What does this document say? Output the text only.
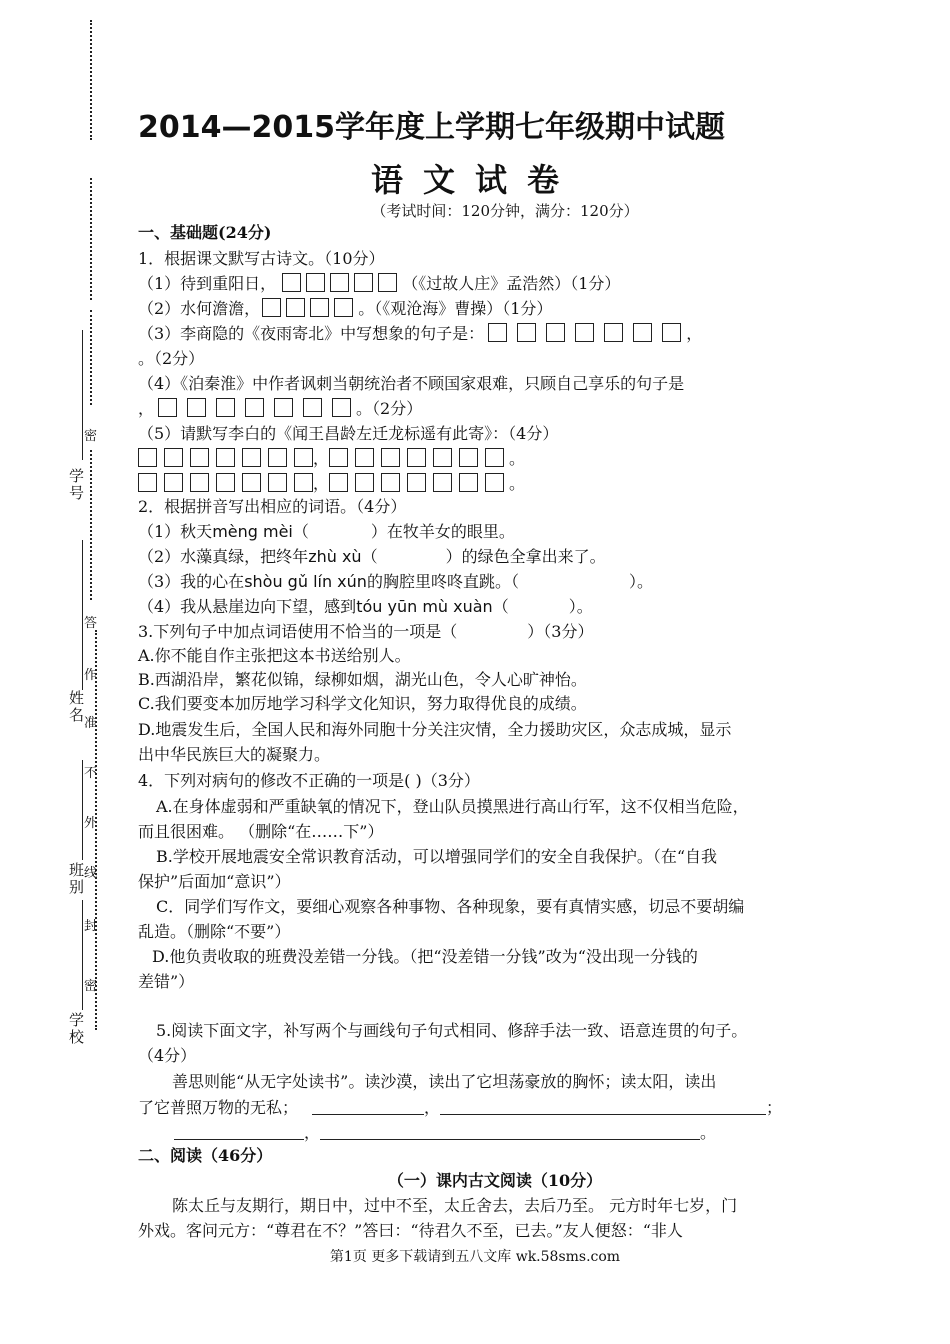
密
答
作
准
不
外
线
封
密
学号
姓名
班别
学校
2014—2015学年度上学期七年级期中试题
语文试卷
（考试时间：120分钟，满分：120分）
一、基础题(24分)
1．根据课文默写古诗文。（10分）
（1）待到重阳日，	（《过故人庄》孟浩然）（1分）
（2）水何澹澹，	。（《观沧海》曹操）（1分）
（3）李商隐的《夜雨寄北》中写想象的句子是：	，
。（2分）
（4）《泊秦淮》中作者讽刺当朝统治者不顾国家艰难，只顾自己享乐的句子是
，	。（2分）
（5）请默写李白的《闻王昌龄左迁龙标遥有此寄》：（4分）
，	。
，	。
2．根据拼音写出相应的词语。（4分）
（1）秋天mèng mèi（	）在牧羊女的眼里。
（2）水藻真绿，把终年zhù xù（	）的绿色全拿出来了。
（3）我的心在shòu gǔ lín xún的胸腔里咚咚直跳。（	）。
（4）我从悬崖边向下望，感到tóu yūn mù xuàn（	）。
3.下列句子中加点词语使用不恰当的一项是（	）（3分）
A.你不能自作主张把这本书送给别人。
B.西湖沿岸，繁花似锦，绿柳如烟，湖光山色，令人心旷神怡。
C.我们要变本加厉地学习科学文化知识，努力取得优良的成绩。
D.地震发生后，全国人民和海外同胞十分关注灾情，全力援助灾区，众志成城，显示
出中华民族巨大的凝聚力。
4．下列对病句的修改不正确的一项是( )（3分）
A.在身体虚弱和严重缺氧的情况下，登山队员摸黑进行高山行军，这不仅相当危险，
而且很困难。 （删除“在……下”）
B.学校开展地震安全常识教育活动，可以增强同学们的安全自我保护。（在“自我
保护”后面加“意识”）
C．同学们写作文，要细心观察各种事物、各种现象，要有真情实感，切忌不要胡编
乱造。（删除“不要”）
D.他负责收取的班费没差错一分钱。（把“没差错一分钱”改为“没出现一分钱的
差错”）
5.阅读下面文字，补写两个与画线句子句式相同、修辞手法一致、语意连贯的句子。
（4分）
善思则能“从无字处读书”。读沙漠，读出了它坦荡豪放的胸怀；读太阳，读出
了它普照万物的无私；	，	；
，	。
二、阅读（46分）
（一）课内古文阅读（10分）
陈太丘与友期行，期日中，过中不至，太丘舍去，去后乃至。 元方时年七岁，门
外戏。客问元方：“尊君在不？”答曰：“待君久不至，已去。”友人便怒：“非人
第1页 更多下载请到五八文库 wk.58sms.com
